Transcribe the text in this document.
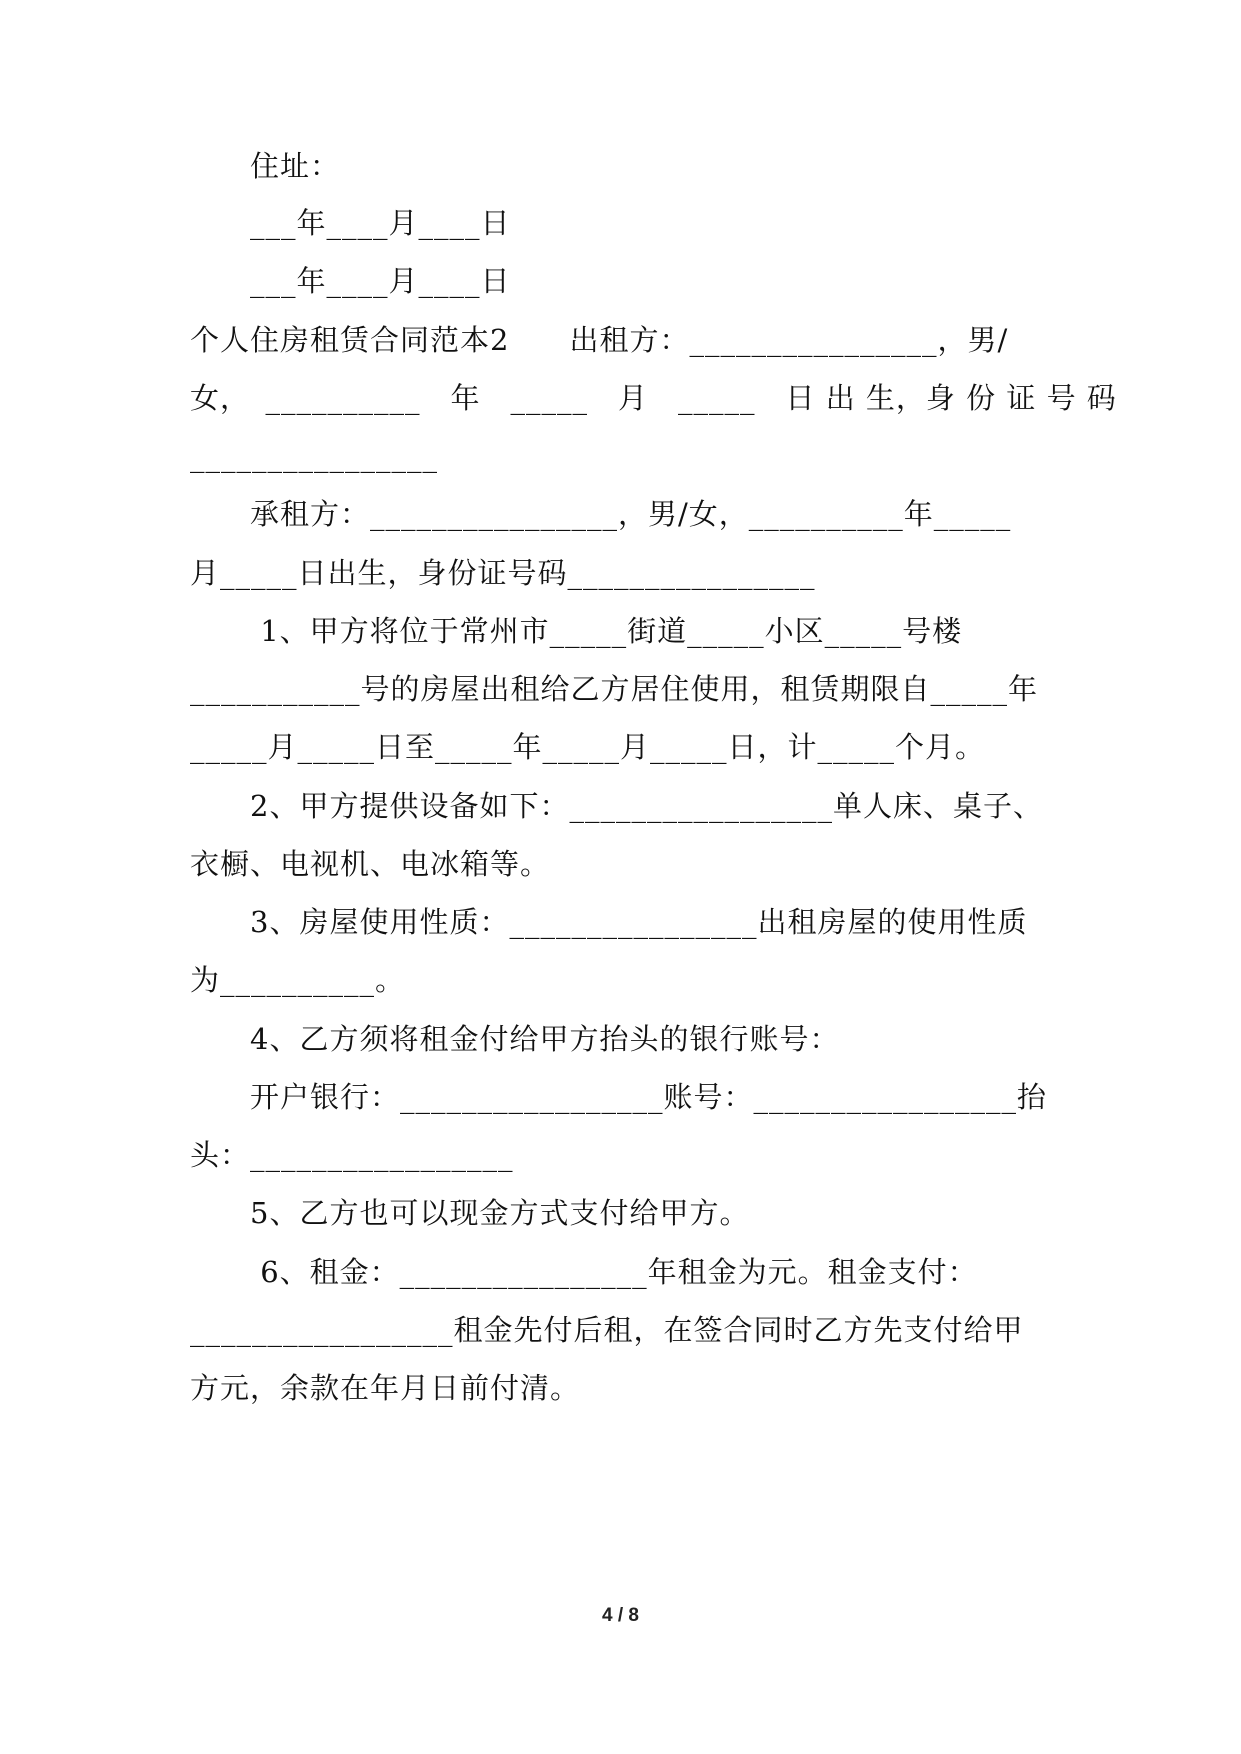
住址：
___年____月____日
___年____月____日
个人住房租赁合同范本2　　出租方：________________，男/
女，　__________　年　_____　月　_____　日 出 生，身 份 证 号 码
________________
承租方：________________，男/女，__________年_____
月_____日出生，身份证号码________________
1、甲方将位于常州市_____街道_____小区_____号楼
___________号的房屋出租给乙方居住使用，租赁期限自_____年
_____月_____日至_____年_____月_____日，计_____个月。
2、甲方提供设备如下：_________________单人床、桌子、
衣橱、电视机、电冰箱等。
3、房屋使用性质：________________出租房屋的使用性质
为__________。
4、乙方须将租金付给甲方抬头的银行账号：
开户银行：_________________账号：_________________抬
头：_________________
5、乙方也可以现金方式支付给甲方。
6、租金：________________年租金为元。租金支付：
_________________租金先付后租，在签合同时乙方先支付给甲
方元，余款在年月日前付清。
4 / 8
